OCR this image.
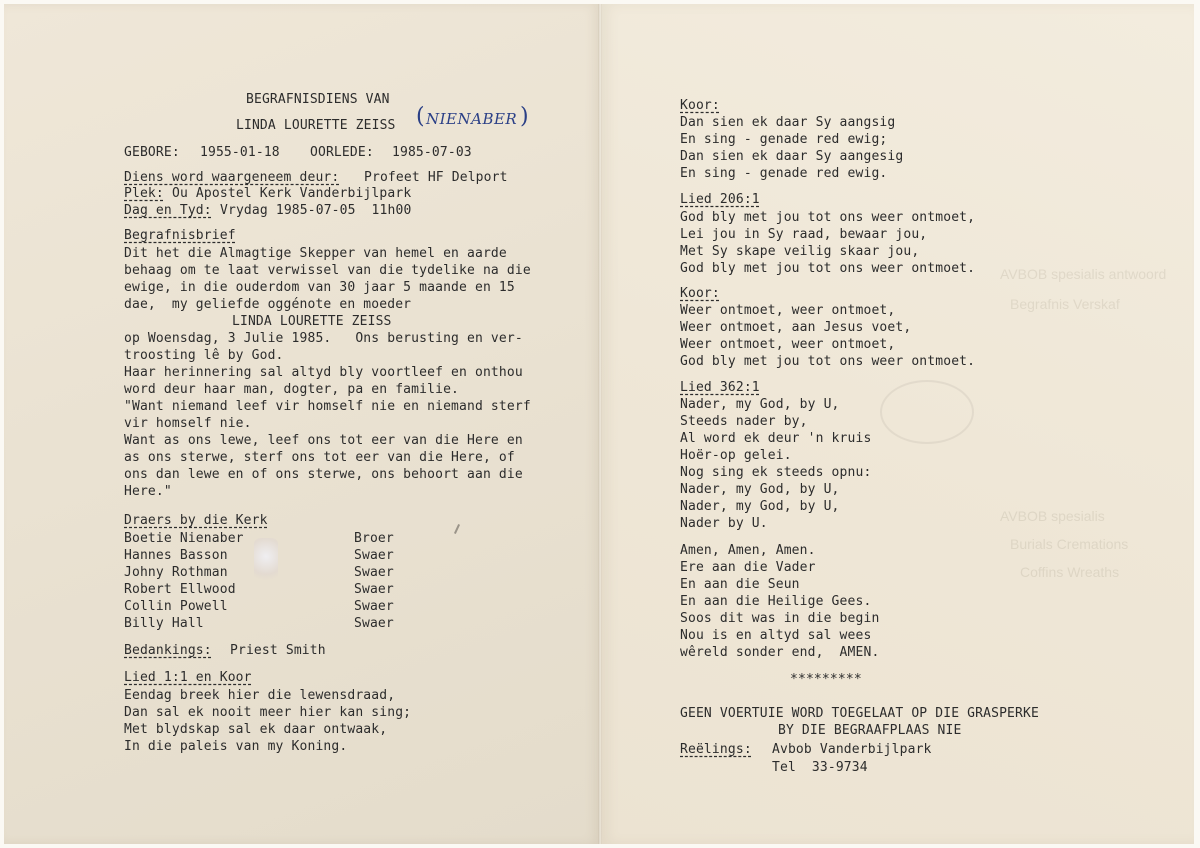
AVBOB spesialis antwoord
Begrafnis Verskaf
AVBOB spesialis
Burials Cremations
Coffins Wreaths
BEGRAFNISDIENS VAN
LINDA LOURETTE ZEISS ( NIENABER )
GEBORE: 1955-01-18 OORLEDE: 1985-07-03
Diens word waargeneem deur: Profeet HF Delport
Plek: Ou Apostel Kerk Vanderbijlpark
Dag en Tyd: Vrydag 1985-07-05  11h00
Begrafnisbrief
Dit het die Almagtige Skepper van hemel en aarde
behaag om te laat verwissel van die tydelike na die
ewige, in die ouderdom van 30 jaar 5 maande en 15
dae,  my geliefde oggénote en moeder
LINDA LOURETTE ZEISS
op Woensdag, 3 Julie 1985.   Ons berusting en ver-
troosting lê by God.
Haar herinnering sal altyd bly voortleef en onthou
word deur haar man, dogter, pa en familie.
"Want niemand leef vir homself nie en niemand sterf
vir homself nie.
Want as ons lewe, leef ons tot eer van die Here en
as ons sterwe, sterf ons tot eer van die Here, of
ons dan lewe en of ons sterwe, ons behoort aan die
Here."
Draers by die Kerk
Boetie Nienaber	Broer
Hannes Basson	Swaer
Johny Rothman	Swaer
Robert Ellwood	Swaer
Collin Powell	Swaer
Billy Hall	Swaer
Bedankings: Priest Smith
Lied 1:1 en Koor
Eendag breek hier die lewensdraad,
Dan sal ek nooit meer hier kan sing;
Met blydskap sal ek daar ontwaak,
In die paleis van my Koning.
Koor:
Dan sien ek daar Sy aangsig
En sing - genade red ewig;
Dan sien ek daar Sy aangesig
En sing - genade red ewig.
Lied 206:1
God bly met jou tot ons weer ontmoet,
Lei jou in Sy raad, bewaar jou,
Met Sy skape veilig skaar jou,
God bly met jou tot ons weer ontmoet.
Koor:
Weer ontmoet, weer ontmoet,
Weer ontmoet, aan Jesus voet,
Weer ontmoet, weer ontmoet,
God bly met jou tot ons weer ontmoet.
Lied 362:1
Nader, my God, by U,
Steeds nader by,
Al word ek deur 'n kruis
Hoër-op gelei.
Nog sing ek steeds opnu:
Nader, my God, by U,
Nader, my God, by U,
Nader by U.
Amen, Amen, Amen.
Ere aan die Vader
En aan die Seun
En aan die Heilige Gees.
Soos dit was in die begin
Nou is en altyd sal wees
wêreld sonder end,  AMEN.
*********
GEEN VOERTUIE WORD TOEGELAAT OP DIE GRASPERKE
BY DIE BEGRAAFPLAAS NIE
Reëlings: Avbob Vanderbijlpark
Tel  33-9734
